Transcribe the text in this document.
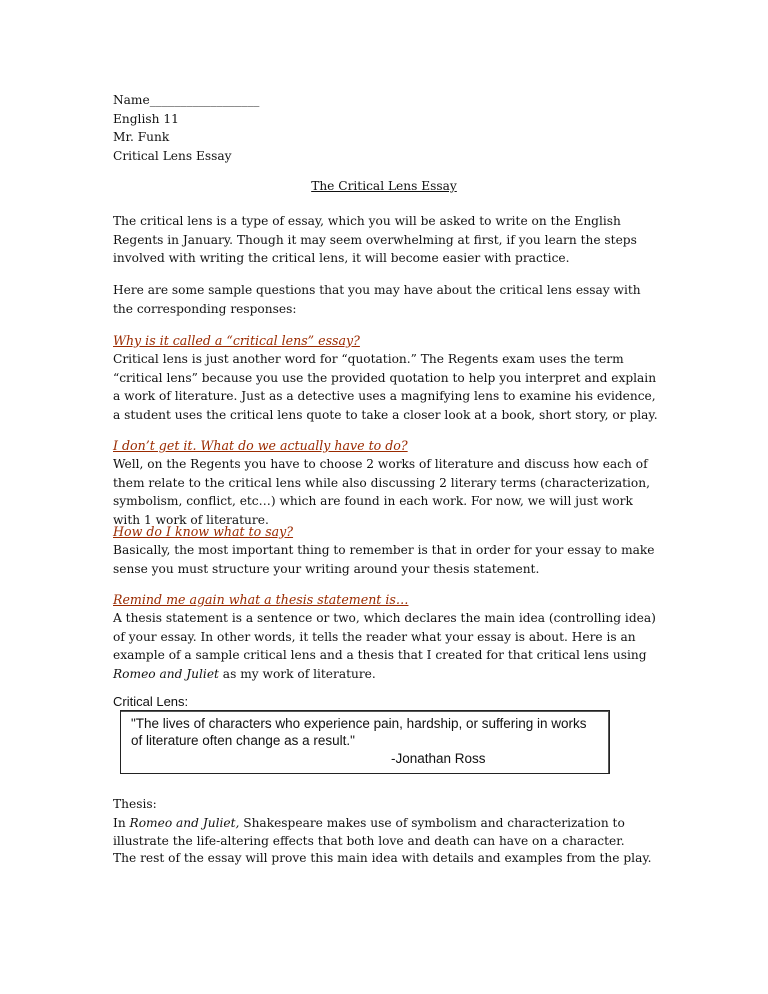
Name__________________
English 11
Mr. Funk
Critical Lens Essay
The Critical Lens Essay

The critical lens is a type of essay, which you will be asked to write on the English Regents in January. Though it may seem overwhelming at first, if you learn the steps involved with writing the critical lens, it will become easier with practice.

Here are some sample questions that you may have about the critical lens essay with the corresponding responses:

Why is it called a “critical lens” essay?

Critical lens is just another word for “quotation.” The Regents exam uses the term “critical lens” because you use the provided quotation to help you interpret and explain a work of literature. Just as a detective uses a magnifying lens to examine his evidence, a student uses the critical lens quote to take a closer look at a book, short story, or play.

I don’t get it. What do we actually have to do?

Well, on the Regents you have to choose 2 works of literature and discuss how each of them relate to the critical lens while also discussing 2 literary terms (characterization, symbolism, conflict, etc…) which are found in each work. For now, we will just work with 1 work of literature.

How do I know what to say?

Basically, the most important thing to remember is that in order for your essay to make sense you must structure your writing around your thesis statement.

Remind me again what a thesis statement is…

A thesis statement is a sentence or two, which declares the main idea (controlling idea) of your essay. In other words, it tells the reader what your essay is about. Here is an example of a sample critical lens and a thesis that I created for that critical lens using Romeo and Juliet as my work of literature.

Critical Lens:
"The lives of characters who experience pain, hardship, or suffering in works of literature often change as a result."
-Jonathan Ross
Thesis:
In Romeo and Juliet, Shakespeare makes use of symbolism and characterization to illustrate the life-altering effects that both love and death can have on a character.

The rest of the essay will prove this main idea with details and examples from the play.
